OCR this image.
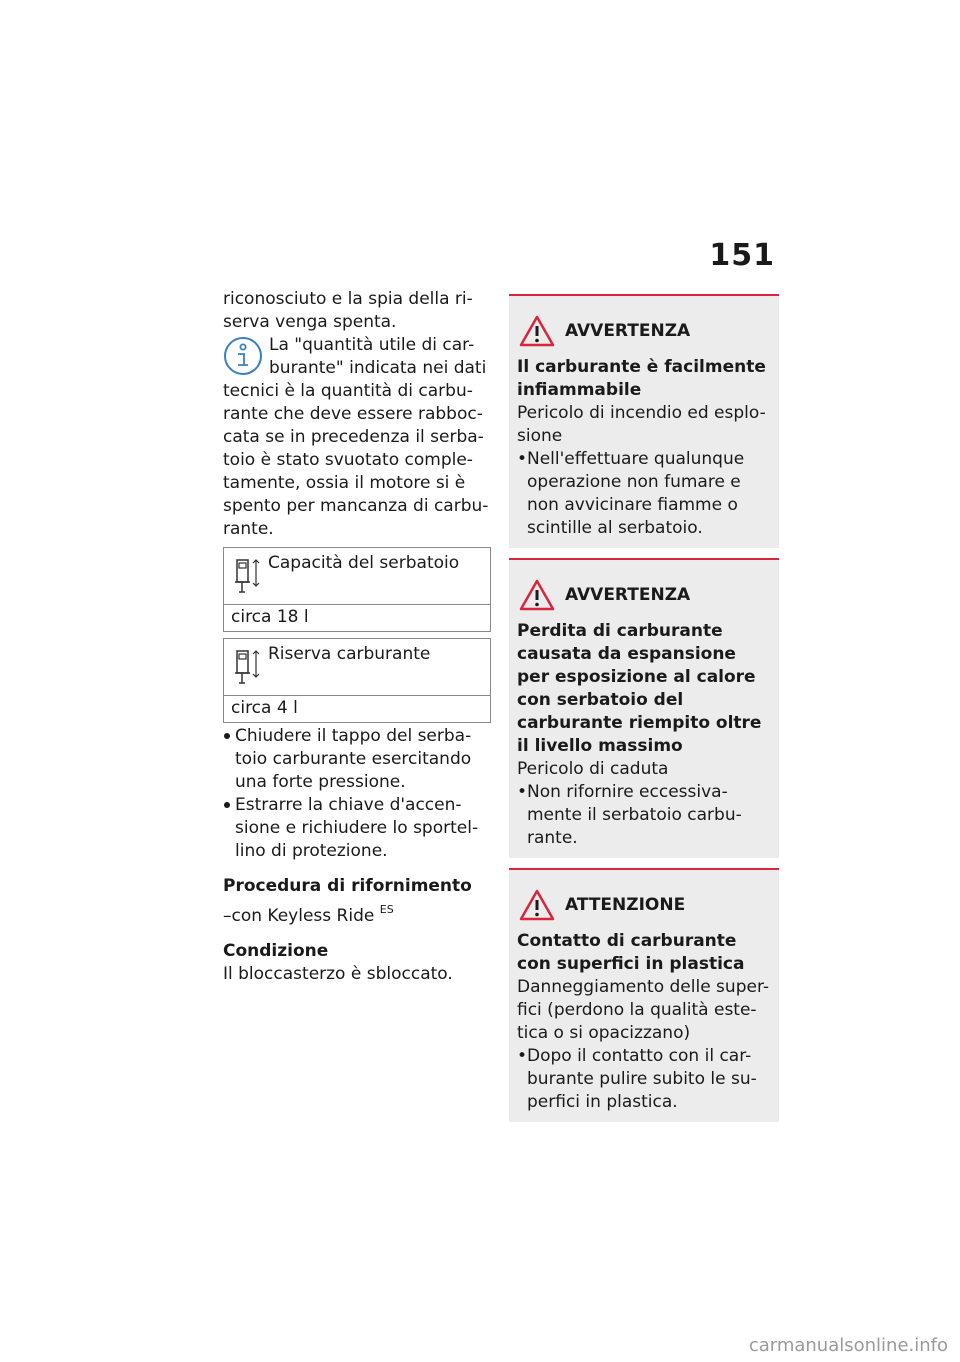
151

riconosciuto e la spia della ri-serva venga spenta.

La "quantità utile di car-burante" indicata nei dati tecnici è la quantità di carbu-rante che deve essere rabboc-cata se in precedenza il serba-toio è stato svuotato comple-tamente, ossia il motore si è spento per mancanza di carbu-rante.

Capacità del serbatoio
circa 18 l
Riserva carburante
circa 4 l
Chiudere il tappo del serba-toio carburante esercitando una forte pressione.
Estrarre la chiave d'accen-sione e richiudere lo sportel-lino di protezione.

Procedura di rifornimento

–con Keyless Ride $^{ES}$

Condizione

Il bloccasterzo è sbloccato.

AVVERTENZA
Il carburante è facilmente infiammabile
Pericolo di incendio ed esplo-sione
• Nell'effettuare qualunque operazione non fumare e non avvicinare fiamme o scintille al serbatoio.
AVVERTENZA
Perdita di carburante causata da espansione per esposizione al calore con serbatoio del carburante riempito oltre il livello massimo
Pericolo di caduta
• Non rifornire eccessiva-mente il serbatoio carbu-rante.
ATTENZIONE
Contatto di carburante con superfici in plastica
Danneggiamento delle super-fici (perdono la qualità este-tica o si opacizzano)
• Dopo il contatto con il car-burante pulire subito le su-perfici in plastica.
carmanualsonline.info
